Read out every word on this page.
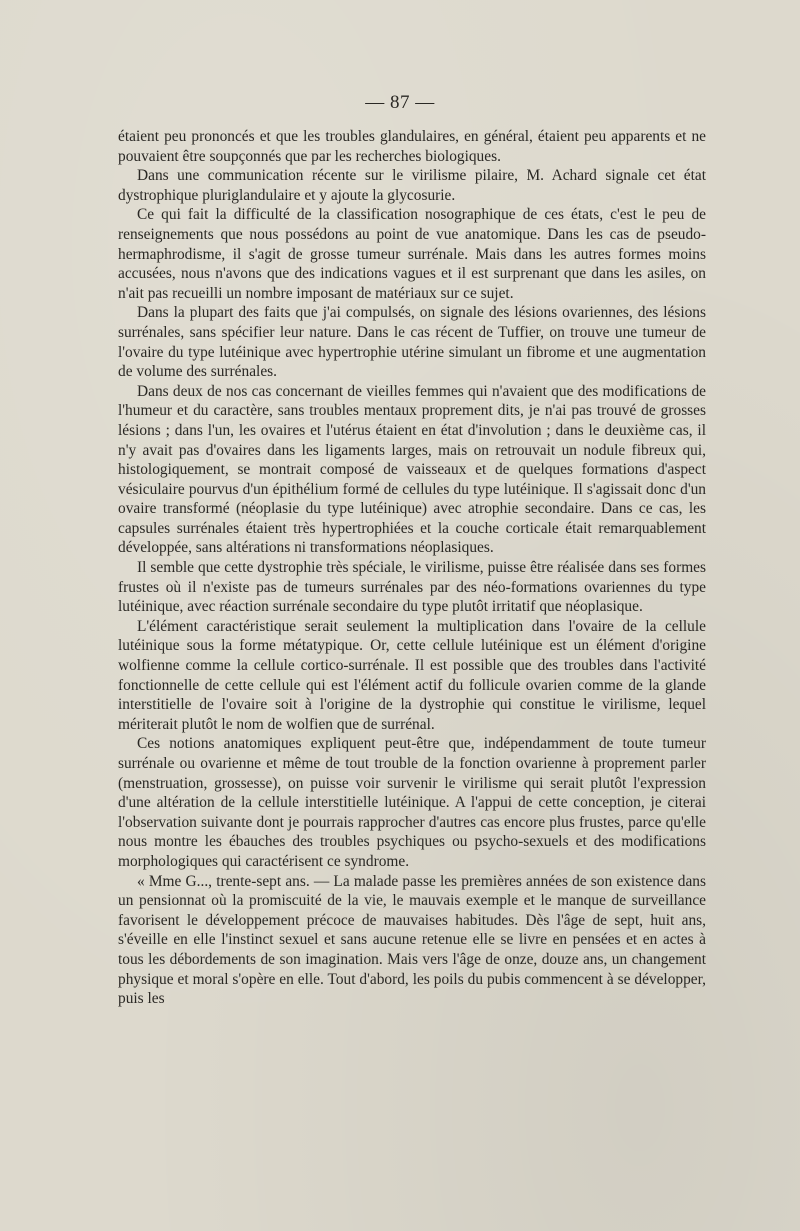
— 87 —

étaient peu prononcés et que les troubles glandulaires, en général, étaient peu apparents et ne pouvaient être soupçonnés que par les recherches biologiques.

Dans une communication récente sur le virilisme pilaire, M. Achard signale cet état dystrophique pluriglandulaire et y ajoute la glycosurie.

Ce qui fait la difficulté de la classification nosographique de ces états, c'est le peu de renseignements que nous possédons au point de vue anatomique. Dans les cas de pseudo-hermaphrodisme, il s'agit de grosse tumeur surrénale. Mais dans les autres formes moins accusées, nous n'avons que des indications vagues et il est surprenant que dans les asiles, on n'ait pas recueilli un nombre imposant de matériaux sur ce sujet.

Dans la plupart des faits que j'ai compulsés, on signale des lésions ovariennes, des lésions surrénales, sans spécifier leur nature. Dans le cas récent de Tuffier, on trouve une tumeur de l'ovaire du type lutéinique avec hypertrophie utérine simulant un fibrome et une augmentation de volume des surrénales.

Dans deux de nos cas concernant de vieilles femmes qui n'avaient que des modifications de l'humeur et du caractère, sans troubles mentaux proprement dits, je n'ai pas trouvé de grosses lésions ; dans l'un, les ovaires et l'utérus étaient en état d'involution ; dans le deuxième cas, il n'y avait pas d'ovaires dans les ligaments larges, mais on retrouvait un nodule fibreux qui, histologiquement, se montrait composé de vaisseaux et de quelques formations d'aspect vésiculaire pourvus d'un épithélium formé de cellules du type lutéinique. Il s'agissait donc d'un ovaire transformé (néoplasie du type lutéinique) avec atrophie secondaire. Dans ce cas, les capsules surrénales étaient très hypertrophiées et la couche corticale était remarquablement développée, sans altérations ni transformations néoplasiques.

Il semble que cette dystrophie très spéciale, le virilisme, puisse être réalisée dans ses formes frustes où il n'existe pas de tumeurs surrénales par des néo-formations ovariennes du type lutéinique, avec réaction surrénale secondaire du type plutôt irritatif que néoplasique.

L'élément caractéristique serait seulement la multiplication dans l'ovaire de la cellule lutéinique sous la forme métatypique. Or, cette cellule lutéinique est un élément d'origine wolfienne comme la cellule cortico-surrénale. Il est possible que des troubles dans l'activité fonctionnelle de cette cellule qui est l'élément actif du follicule ovarien comme de la glande interstitielle de l'ovaire soit à l'origine de la dystrophie qui constitue le virilisme, lequel mériterait plutôt le nom de wolfien que de surrénal.

Ces notions anatomiques expliquent peut-être que, indépendamment de toute tumeur surrénale ou ovarienne et même de tout trouble de la fonction ovarienne à proprement parler (menstruation, grossesse), on puisse voir survenir le virilisme qui serait plutôt l'expression d'une altération de la cellule interstitielle lutéinique. A l'appui de cette conception, je citerai l'observation suivante dont je pourrais rapprocher d'autres cas encore plus frustes, parce qu'elle nous montre les ébauches des troubles psychiques ou psycho-sexuels et des modifications morphologiques qui caractérisent ce syndrome.

« Mme G..., trente-sept ans. — La malade passe les premières années de son existence dans un pensionnat où la promiscuité de la vie, le mauvais exemple et le manque de surveillance favorisent le développement précoce de mauvaises habitudes. Dès l'âge de sept, huit ans, s'éveille en elle l'instinct sexuel et sans aucune retenue elle se livre en pensées et en actes à tous les débordements de son imagination. Mais vers l'âge de onze, douze ans, un changement physique et moral s'opère en elle. Tout d'abord, les poils du pubis commencent à se développer, puis les
